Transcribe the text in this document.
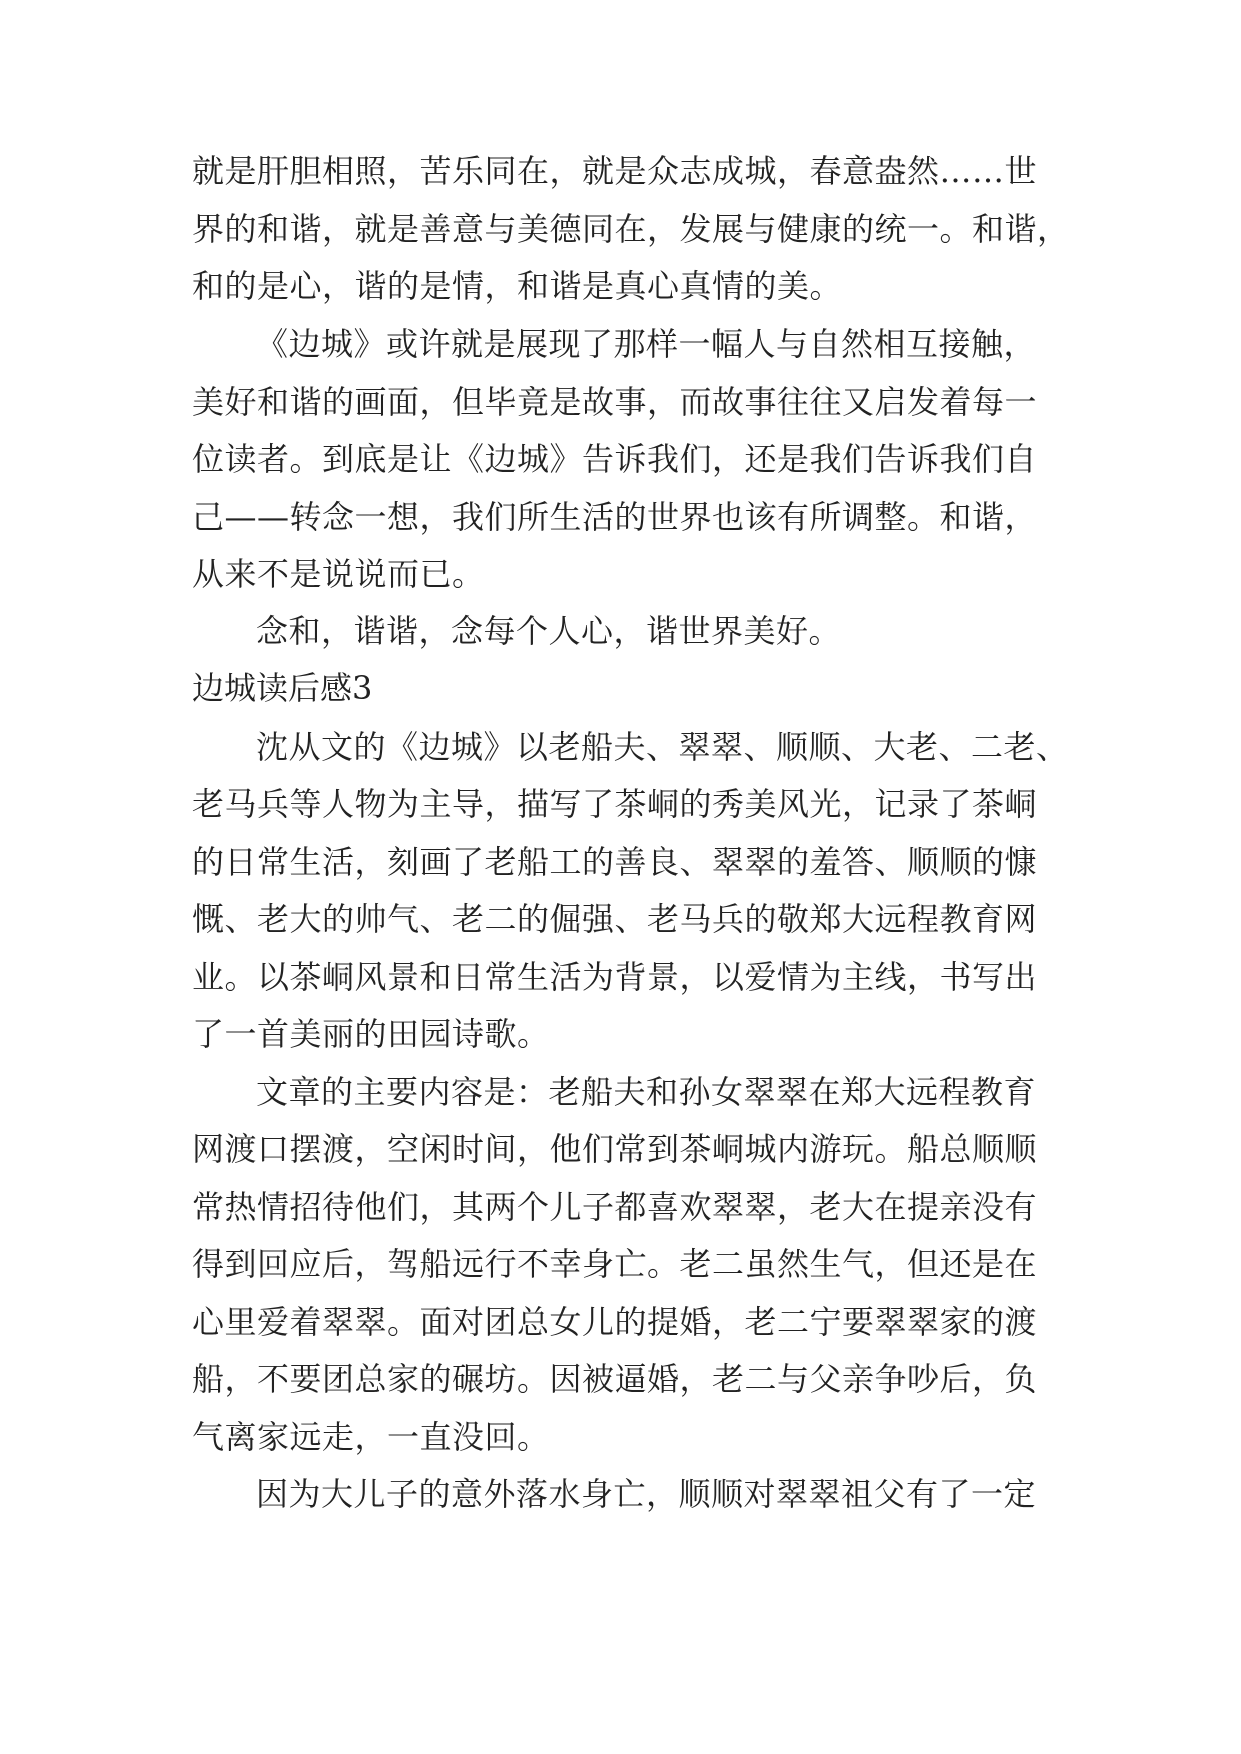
就是肝胆相照，苦乐同在，就是众志成城，春意盎然……世
界的和谐，就是善意与美德同在，发展与健康的统一。和谐，
和的是心，谐的是情，和谐是真心真情的美。
《边城》或许就是展现了那样一幅人与自然相互接触，
美好和谐的画面，但毕竟是故事，而故事往往又启发着每一
位读者。到底是让《边城》告诉我们，还是我们告诉我们自
己——转念一想，我们所生活的世界也该有所调整。和谐，
从来不是说说而已。
念和，谐谐，念每个人心，谐世界美好。
边城读后感3
沈从文的《边城》以老船夫、翠翠、顺顺、大老、二老、
老马兵等人物为主导，描写了茶峒的秀美风光，记录了茶峒
的日常生活，刻画了老船工的善良、翠翠的羞答、顺顺的慷
慨、老大的帅气、老二的倔强、老马兵的敬郑大远程教育网
业。以茶峒风景和日常生活为背景，以爱情为主线，书写出
了一首美丽的田园诗歌。
文章的主要内容是：老船夫和孙女翠翠在郑大远程教育
网渡口摆渡，空闲时间，他们常到茶峒城内游玩。船总顺顺
常热情招待他们，其两个儿子都喜欢翠翠，老大在提亲没有
得到回应后，驾船远行不幸身亡。老二虽然生气，但还是在
心里爱着翠翠。面对团总女儿的提婚，老二宁要翠翠家的渡
船，不要团总家的碾坊。因被逼婚，老二与父亲争吵后，负
气离家远走，一直没回。
因为大儿子的意外落水身亡，顺顺对翠翠祖父有了一定
